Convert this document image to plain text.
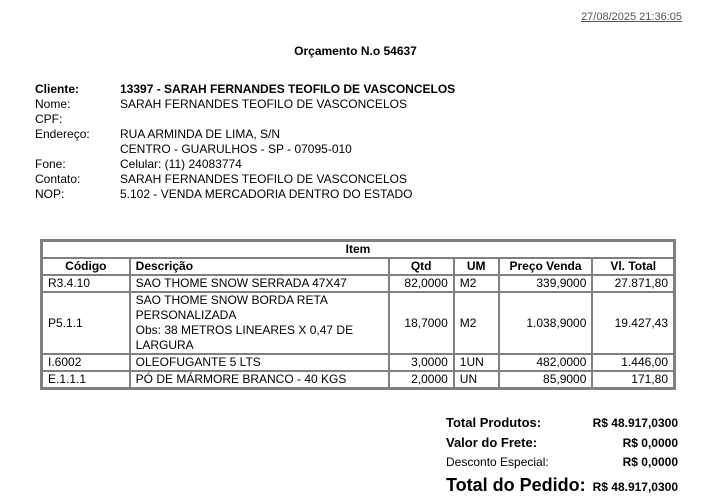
27/08/2025 21:36:05
Orçamento N.o 54637
Cliente:	13397 - SARAH FERNANDES TEOFILO DE VASCONCELOS
Nome:	SARAH FERNANDES TEOFILO DE VASCONCELOS
CPF:
Endereço:	RUA ARMINDA DE LIMA, S/N
CENTRO - GUARULHOS - SP - 07095-010
Fone:	Celular: (11) 24083774
Contato:	SARAH FERNANDES TEOFILO DE VASCONCELOS
NOP:	5.102 - VENDA MERCADORIA DENTRO DO ESTADO
Item					
Código	Descrição	Qtd	UM	Preço Venda	Vl. Total
R3.4.10	SAO THOME SNOW SERRADA 47X47	82,0000	M2	339,9000	27.871,80
P5.1.1	SAO THOME SNOW BORDA RETA PERSONALIZADA
Obs: 38 METROS LINEARES X 0,47 DE LARGURA	18,7000	M2	1.038,9000	19.427,43
I.6002	OLEOFUGANTE 5 LTS	3,0000	1UN	482,0000	1.446,00
E.1.1.1	PÓ DE MÁRMORE BRANCO - 40 KGS	2,0000	UN	85,9000	171,80
Total Produtos:	R$ 48.917,0300
Valor do Frete:	R$ 0,0000
Desconto Especial:	R$ 0,0000
Total do Pedido: R$ 48.917,0300
